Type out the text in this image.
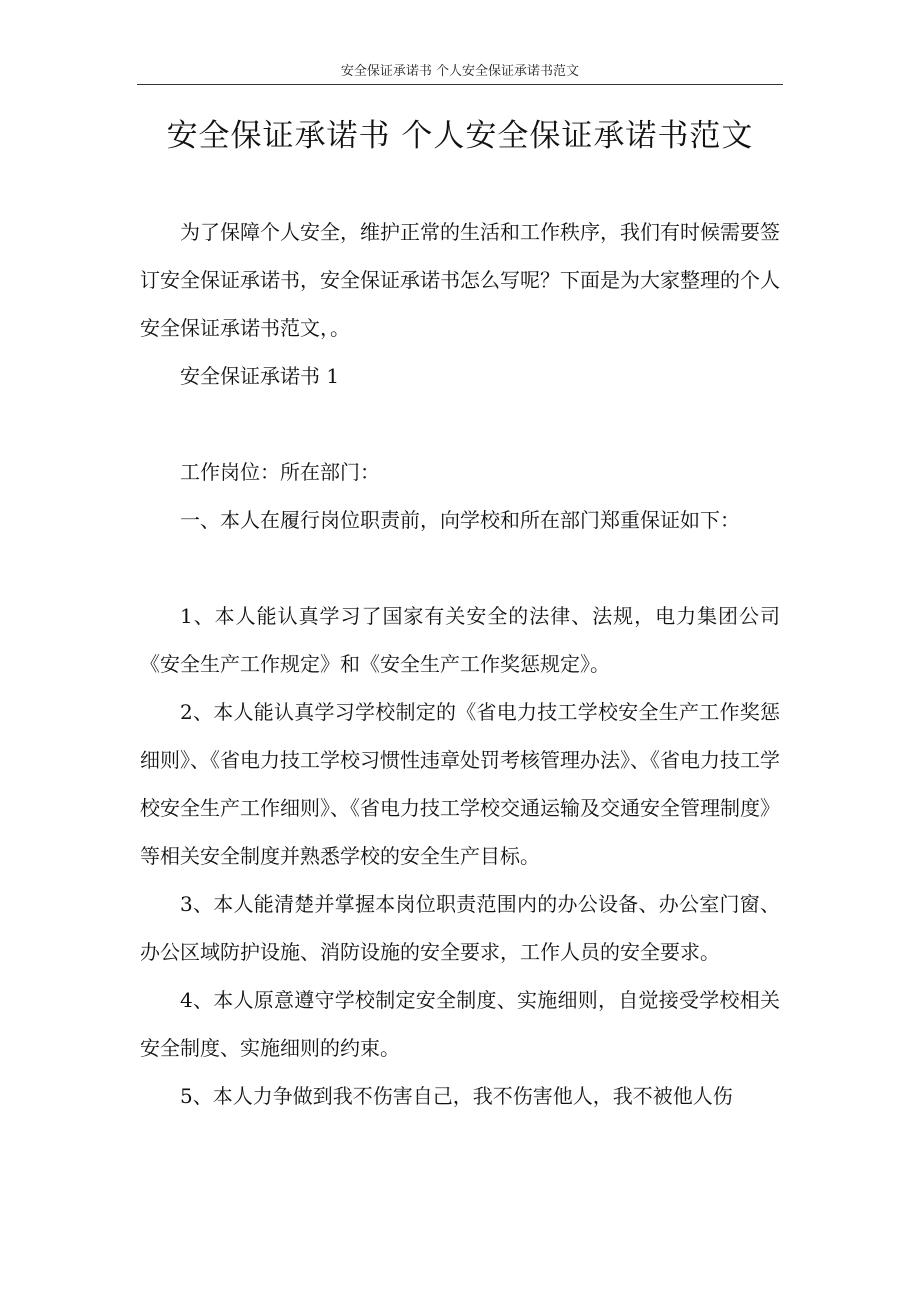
安全保证承诺书 个人安全保证承诺书范文
安全保证承诺书 个人安全保证承诺书范文

为了保障个人安全，维护正常的生活和工作秩序，我们有时候需要签订安全保证承诺书，安全保证承诺书怎么写呢？下面是为大家整理的个人安全保证承诺书范文，。

安全保证承诺书 1

工作岗位：所在部门：

一、本人在履行岗位职责前，向学校和所在部门郑重保证如下：

1、本人能认真学习了国家有关安全的法律、法规，电力集团公司《安全生产工作规定》和《安全生产工作奖惩规定》。

2、本人能认真学习学校制定的《省电力技工学校安全生产工作奖惩细则》、《省电力技工学校习惯性违章处罚考核管理办法》、《省电力技工学校安全生产工作细则》、《省电力技工学校交通运输及交通安全管理制度》等相关安全制度并熟悉学校的安全生产目标。

3、本人能清楚并掌握本岗位职责范围内的办公设备、办公室门窗、办公区域防护设施、消防设施的安全要求，工作人员的安全要求。

4、本人原意遵守学校制定安全制度、实施细则，自觉接受学校相关安全制度、实施细则的约束。

5、本人力争做到我不伤害自己，我不伤害他人，我不被他人伤
